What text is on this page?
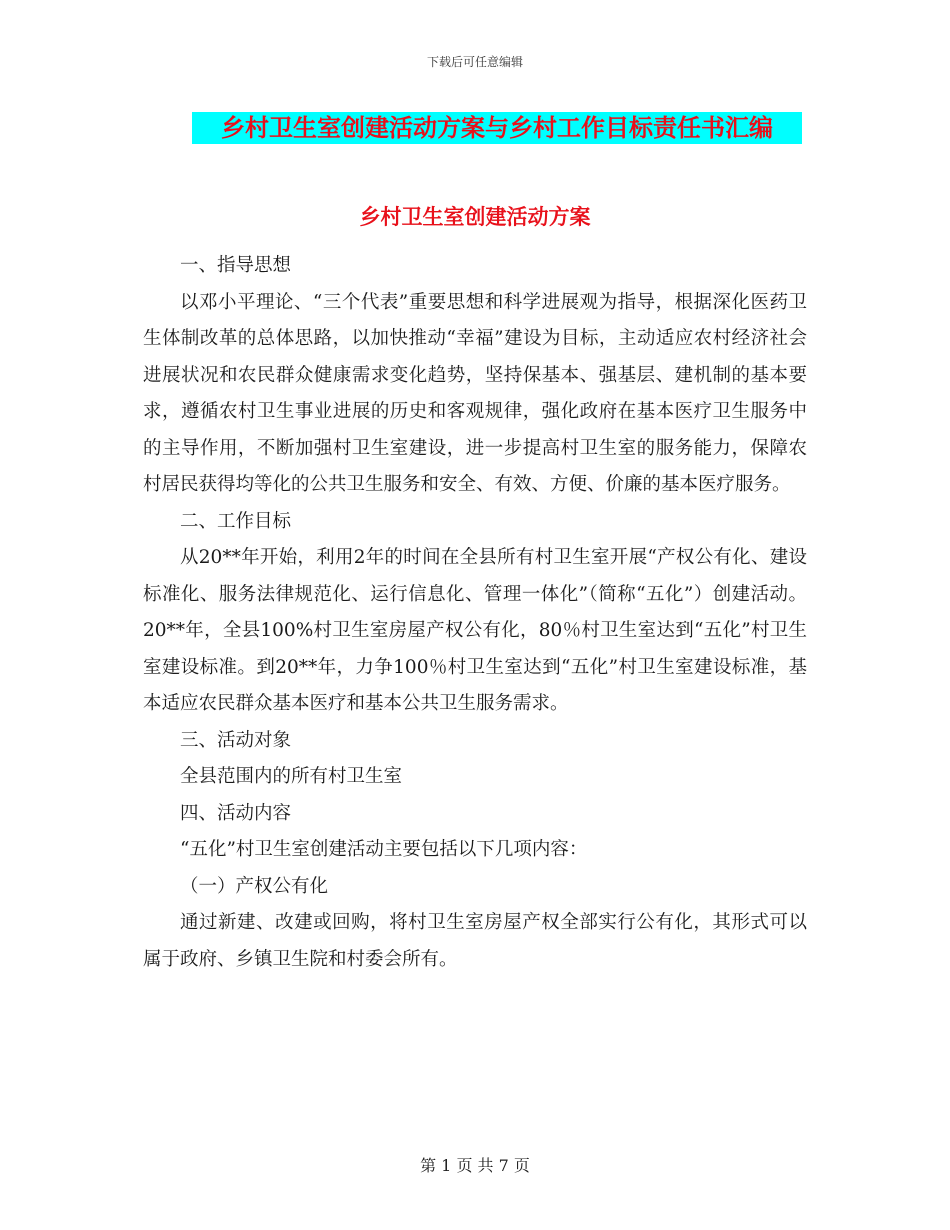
下载后可任意编辑
乡村卫生室创建活动方案与乡村工作目标责任书汇编
乡村卫生室创建活动方案

一、指导思想

以邓小平理论、“三个代表”重要思想和科学进展观为指导，根据深化医药卫生体制改革的总体思路，以加快推动“幸福”建设为目标，主动适应农村经济社会进展状况和农民群众健康需求变化趋势，坚持保基本、强基层、建机制的基本要求，遵循农村卫生事业进展的历史和客观规律，强化政府在基本医疗卫生服务中的主导作用，不断加强村卫生室建设，进一步提高村卫生室的服务能力，保障农村居民获得均等化的公共卫生服务和安全、有效、方便、价廉的基本医疗服务。

二、工作目标

从20**年开始，利用2年的时间在全县所有村卫生室开展“产权公有化、建设标准化、服务法律规范化、运行信息化、管理一体化”（简称“五化”）创建活动。20**年，全县100%村卫生室房屋产权公有化，80％村卫生室达到“五化”村卫生室建设标准。到20**年，力争100％村卫生室达到“五化”村卫生室建设标准，基本适应农民群众基本医疗和基本公共卫生服务需求。

三、活动对象

全县范围内的所有村卫生室

四、活动内容

“五化”村卫生室创建活动主要包括以下几项内容：

（一）产权公有化

通过新建、改建或回购，将村卫生室房屋产权全部实行公有化，其形式可以属于政府、乡镇卫生院和村委会所有。

第 1 页 共 7 页
